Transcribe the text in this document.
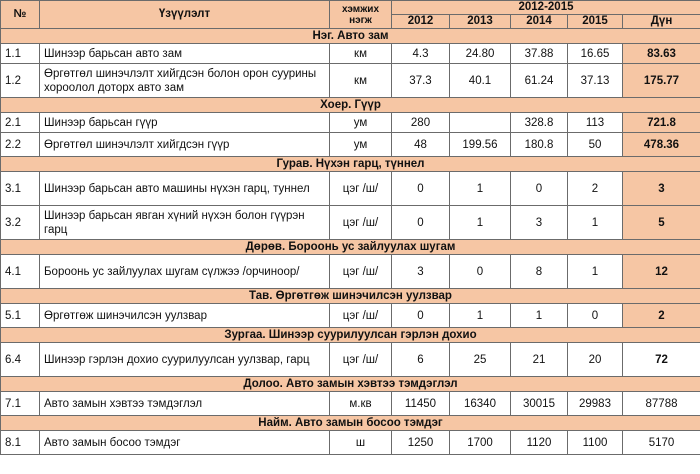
№	Үзүүлэлт	хэмжих
нэгж	2012-2015				
			2012	2013	2014	2015	Дүн
Нэг. Авто зам							
1.1	Шинээр барьсан авто зам	км	4.3	24.80	37.88	16.65	83.63
1.2	Өргөтгөл шинэчлэлт хийгдсэн болон орон суурины хороолол доторх авто зам	км	37.3	40.1	61.24	37.13	175.77
Хоер. Гүүр							
2.1	Шинээр барьсан гүүр	ум	280		328.8	113	721.8
2.2	Өргөтгөл шинэчлэлт хийгдсэн гүүр	ум	48	199.56	180.8	50	478.36
Гурав. Нүхэн гарц, түннел							
3.1	Шинээр барьсан авто машины нүхэн гарц, туннел	цэг /ш/	0	1	0	2	3
3.2	Шинээр барьсан явган хүний нүхэн болон гүүрэн гарц	цэг /ш/	0	1	3	1	5
Дөрөв. Бороонь ус зайлуулах шугам							
4.1	Бороонь ус зайлуулах шугам сүлжээ /орчиноор/	цэг /ш/	3	0	8	1	12
Тав. Өргөтгөж шинэчилсэн уулзвар							
5.1	Өргөтгөж шинэчилсэн уулзвар	цэг /ш/	0	1	1	0	2
Зургаа. Шинээр суурилуулсан гэрлэн дохио							
6.4	Шинээр гэрлэн дохио суурилуулсан уулзвар, гарц	цэг /ш/	6	25	21	20	72
Долоо. Авто замын хэвтээ тэмдэглэл							
7.1	Авто замын хэвтээ тэмдэглэл	м.кв	11450	16340	30015	29983	87788
Найм. Авто замын босоо тэмдэг							
8.1	Авто замын босоо тэмдэг	ш	1250	1700	1120	1100	5170
